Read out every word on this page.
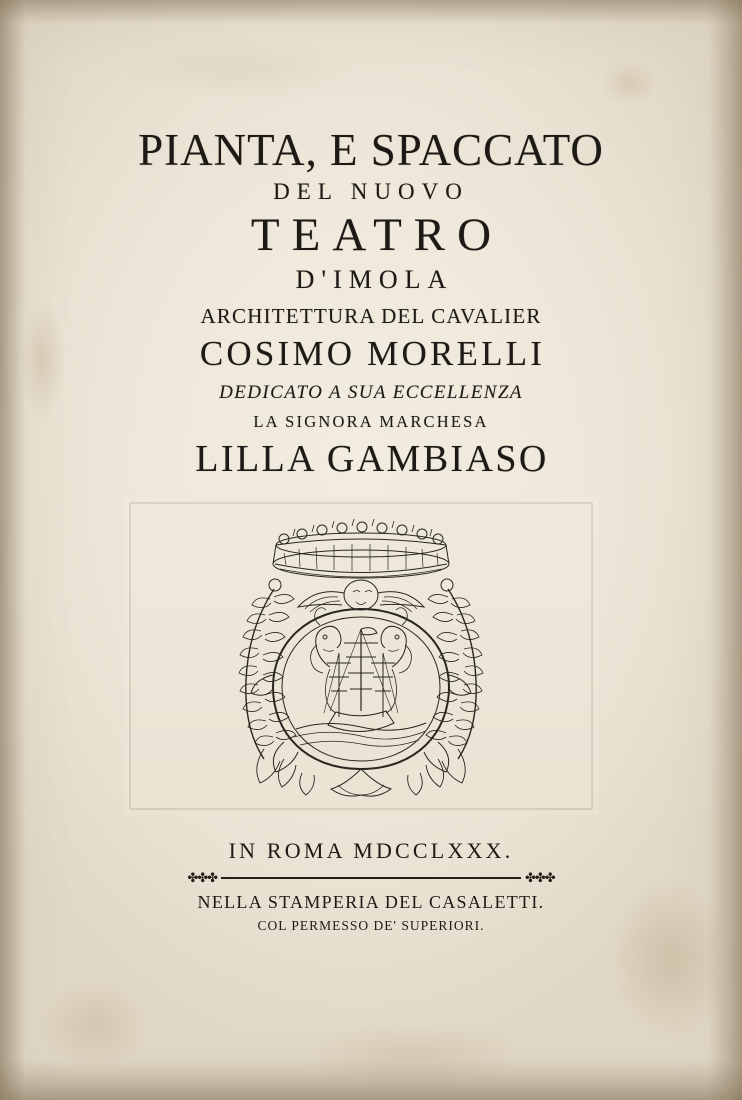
PIANTA, E SPACCATO
DEL NUOVO
TEATRO
D'IMOLA
ARCHITETTURA DEL CAVALIER
COSIMO MORELLI
DEDICATO A SUA ECCELLENZA
LA SIGNORA MARCHESA
LILLA GAMBIASO
IN ROMA MDCCLXXX.
✤✤✤	✤✤✤
NELLA STAMPERIA DEL CASALETTI.
COL PERMESSO DE' SUPERIORI.
